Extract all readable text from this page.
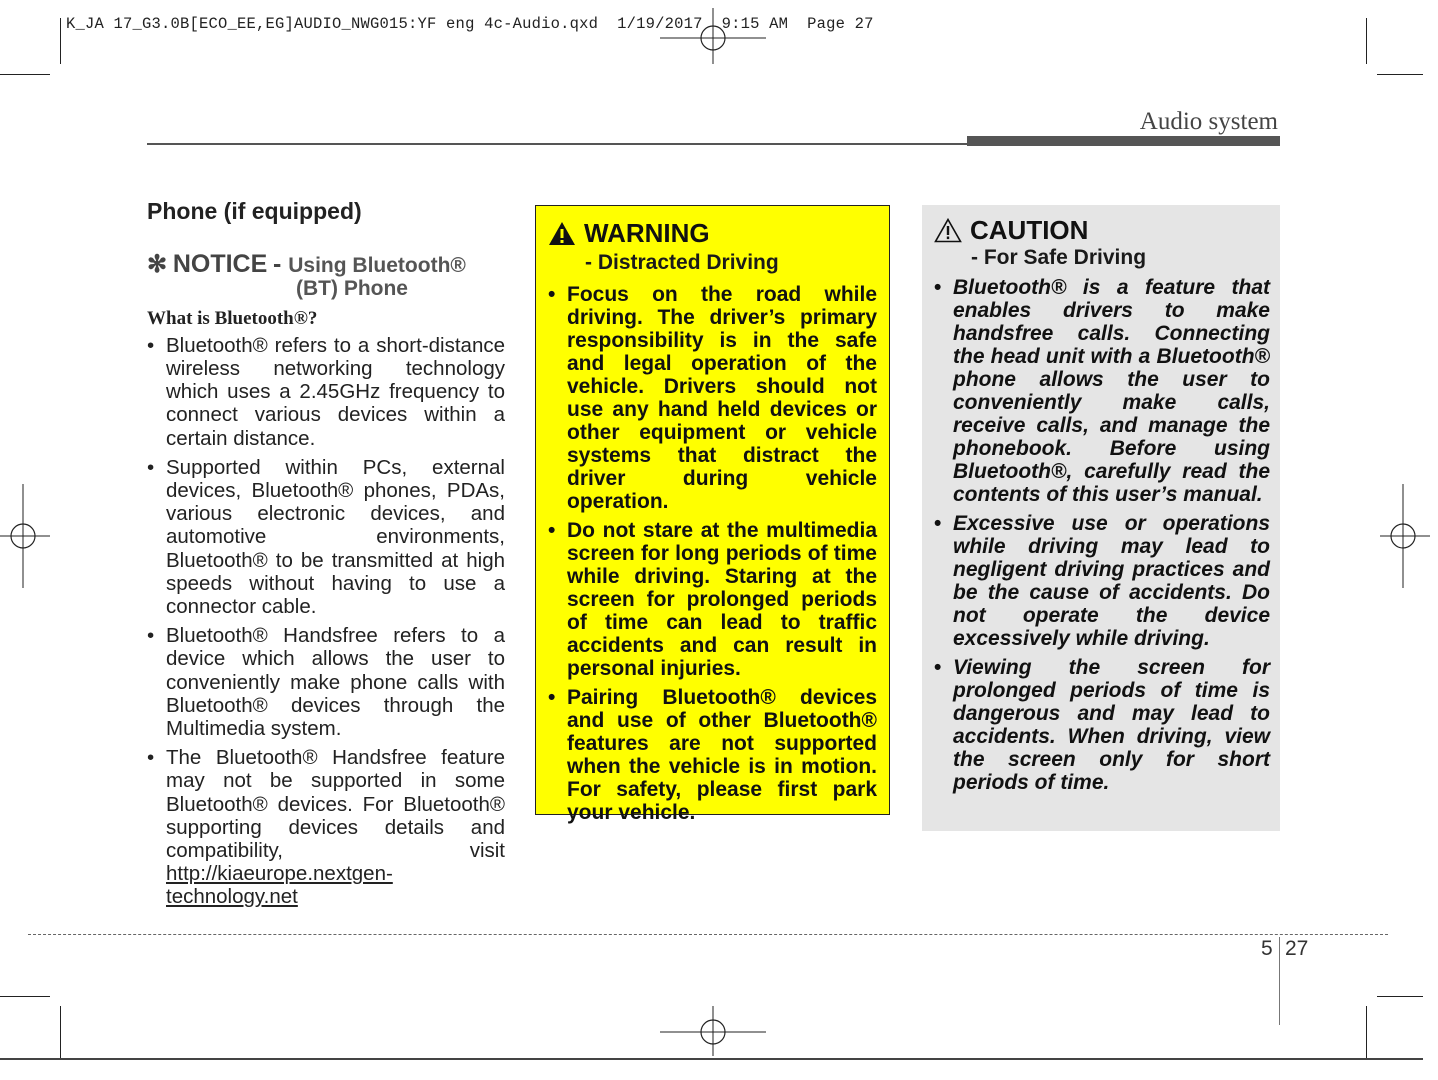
K_JA 17_G3.0B[ECO_EE,EG]AUDIO_NWG015:YF eng 4c-Audio.qxd  1/19/2017  9:15 AM  Page 27
Audio system
Phone (if equipped)
✻ NOTICE - Using Bluetooth®
(BT) Phone
What is Bluetooth®?
• Bluetooth® refers to a short-distance wireless networking technology which uses a 2.45GHz frequency to connect various devices within a certain distance.
• Supported within PCs, external devices, Bluetooth® phones, PDAs, various electronic devices, and automotive environments, Bluetooth® to be transmitted at high speeds without having to use a connector cable.
• Bluetooth® Handsfree refers to a device which allows the user to conveniently make phone calls with Bluetooth® devices through the Multimedia system.
• The Bluetooth® Handsfree feature may not be supported in some Bluetooth® devices. For Bluetooth® supporting devices details and compatibility, visit http://kiaeurope.nextgen-technology.net
WARNING
- Distracted Driving
• Focus on the road while driving. The driver’s primary responsibility is in the safe and legal operation of the vehicle. Drivers should not use any hand held devices or other equipment or vehicle systems that distract the driver during vehicle operation.
• Do not stare at the multimedia screen for long periods of time while driving. Staring at the screen for prolonged periods of time can lead to traffic accidents and can result in personal injuries.
• Pairing Bluetooth® devices and use of other Bluetooth® features are not supported when the vehicle is in motion. For safety, please first park your vehicle.
CAUTION
- For Safe Driving
• Bluetooth® is a feature that enables drivers to make handsfree calls. Connecting the head unit with a Bluetooth® phone allows the user to conveniently make calls, receive calls, and manage the phonebook. Before using Bluetooth®, carefully read the contents of this user’s manual.
• Excessive use or operations while driving may lead to negligent driving practices and be the cause of accidents. Do not operate the device excessively while driving.
• Viewing the screen for prolonged periods of time is dangerous and may lead to accidents. When driving, view the screen only for short periods of time.
5 27
